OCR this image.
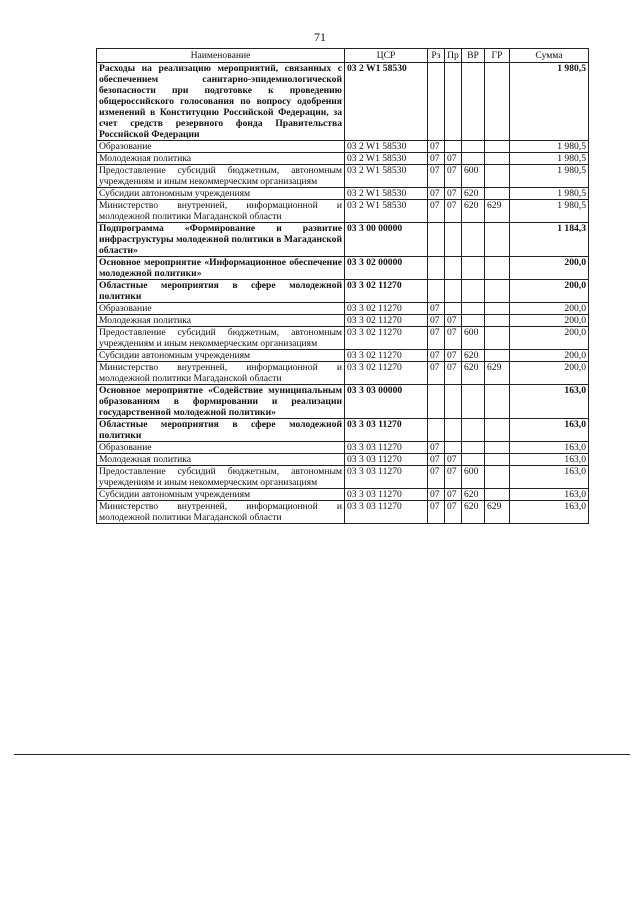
71
Наименование	ЦСР	Рз	Пр	ВР	ГР	Сумма
Расходы на реализацию мероприятий, связанных с обеспечением санитарно-эпидемиологической безопасности при подготовке к проведению общероссийского голосования по вопросу одобрения изменений в Конституцию Российской Федерации, за счет средств резервного фонда Правительства Российской Федерации	03 2 W1 58530					1 980,5
Образование	03 2 W1 58530	07				1 980,5
Молодежная политика	03 2 W1 58530	07	07			1 980,5
Предоставление субсидий бюджетным, автономным учреждениям и иным некоммерческим организациям	03 2 W1 58530	07	07	600		1 980,5
Субсидии автономным учреждениям	03 2 W1 58530	07	07	620		1 980,5
Министерство внутренней, информационной и молодежной политики Магаданской области	03 2 W1 58530	07	07	620	629	1 980,5
Подпрограмма «Формирование и развитие инфраструктуры молодежной политики в Магаданской области»	03 3 00 00000					1 184,3
Основное мероприятие «Информационное обеспечение молодежной политики»	03 3 02 00000					200,0
Областные мероприятия в сфере молодежной политики	03 3 02 11270					200,0
Образование	03 3 02 11270	07				200,0
Молодежная политика	03 3 02 11270	07	07			200,0
Предоставление субсидий бюджетным, автономным учреждениям и иным некоммерческим организациям	03 3 02 11270	07	07	600		200,0
Субсидии автономным учреждениям	03 3 02 11270	07	07	620		200,0
Министерство внутренней, информационной и молодежной политики Магаданской области	03 3 02 11270	07	07	620	629	200,0
Основное мероприятие «Содействие муниципальным образованиям в формировании и реализации государственной молодежной политики»	03 3 03 00000					163,0
Областные мероприятия в сфере молодежной политики	03 3 03 11270					163,0
Образование	03 3 03 11270	07				163,0
Молодежная политика	03 3 03 11270	07	07			163,0
Предоставление субсидий бюджетным, автономным учреждениям и иным некоммерческим организациям	03 3 03 11270	07	07	600		163,0
Субсидии автономным учреждениям	03 3 03 11270	07	07	620		163,0
Министерство внутренней, информационной и молодежной политики Магаданской области	03 3 03 11270	07	07	620	629	163,0
